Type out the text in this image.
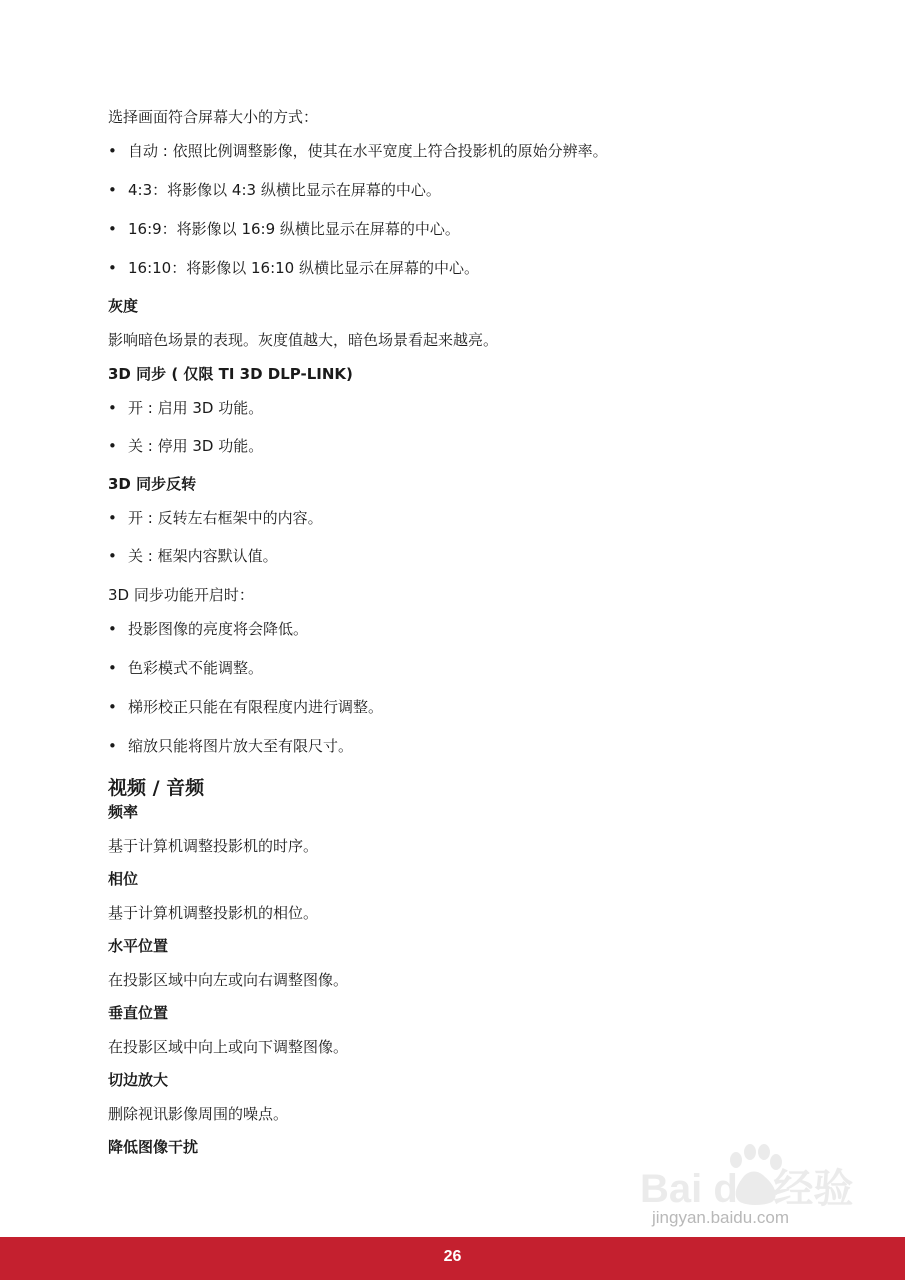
选择画面符合屏幕大小的方式：
• 自动 : 依照比例调整影像，使其在水平宽度上符合投影机的原始分辨率。
• 4:3：将影像以 4:3 纵横比显示在屏幕的中心。
• 16:9：将影像以 16:9 纵横比显示在屏幕的中心。
• 16:10：将影像以 16:10 纵横比显示在屏幕的中心。
灰度
影响暗色场景的表现。灰度值越大，暗色场景看起来越亮。
3D 同步 ( 仅限 TI 3D DLP-LINK)
• 开 : 启用 3D 功能。
• 关 : 停用 3D 功能。
3D 同步反转
• 开 : 反转左右框架中的内容。
• 关 : 框架内容默认值。
3D 同步功能开启时：
• 投影图像的亮度将会降低。
• 色彩模式不能调整。
• 梯形校正只能在有限程度内进行调整。
• 缩放只能将图片放大至有限尺寸。
视频 / 音频
频率
基于计算机调整投影机的时序。
相位
基于计算机调整投影机的相位。
水平位置
在投影区域中向左或向右调整图像。
垂直位置
在投影区域中向上或向下调整图像。
切边放大
删除视讯影像周围的噪点。
降低图像干扰
Bai du 经验
jingyan.baidu.com
26
